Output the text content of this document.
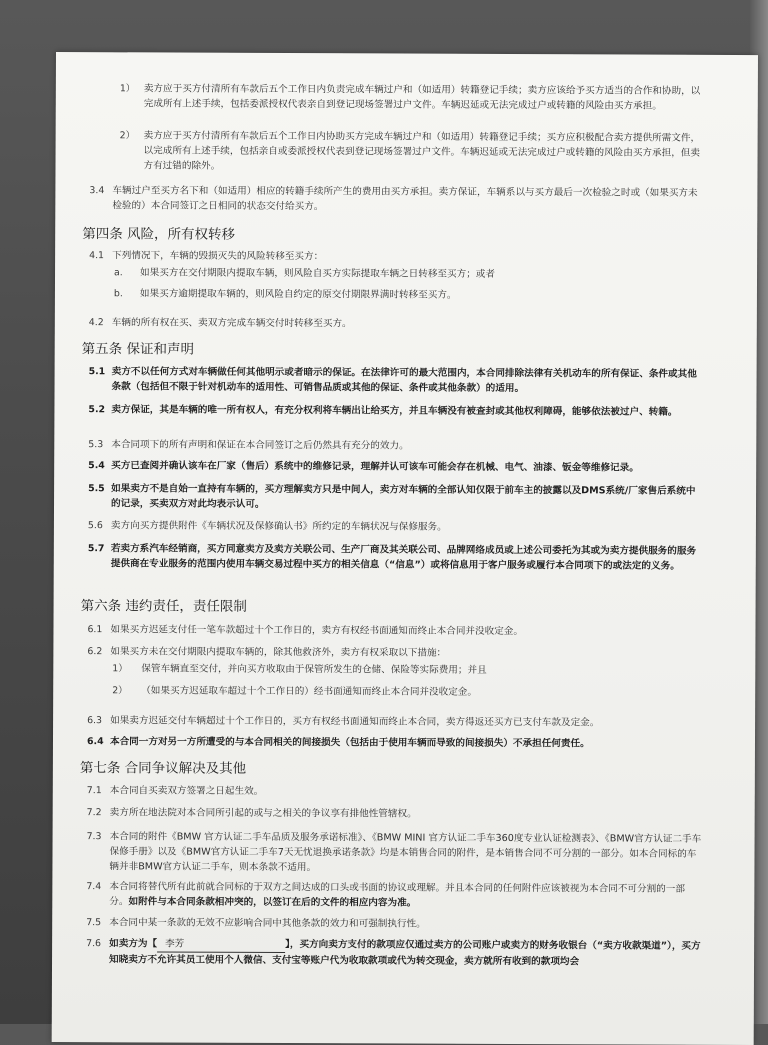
1） 卖方应于买方付清所有车款后五个工作日内负责完成车辆过户和（如适用）转籍登记手续；卖方应该给予买方适当的合作和协助，以完成所有上述手续，包括委派授权代表亲自到登记现场签署过户文件。车辆迟延或无法完成过户或转籍的风险由买方承担。
2） 卖方应于买方付清所有车款后五个工作日内协助买方完成车辆过户和（如适用）转籍登记手续；买方应积极配合卖方提供所需文件，以完成所有上述手续，包括亲自或委派授权代表到登记现场签署过户文件。车辆迟延或无法完成过户或转籍的风险由买方承担，但卖方有过错的除外。
3.4 车辆过户至买方名下和（如适用）相应的转籍手续所产生的费用由买方承担。卖方保证，车辆系以与买方最后一次检验之时或（如果买方未检验的）本合同签订之日相同的状态交付给买方。
第四条 风险，所有权转移
4.1 下列情况下，车辆的毁损灭失的风险转移至买方：
a. 如果买方在交付期限内提取车辆，则风险自买方实际提取车辆之日转移至买方；或者
b. 如果买方逾期提取车辆的，则风险自约定的原交付期限界满时转移至买方。
4.2 车辆的所有权在买、卖双方完成车辆交付时转移至买方。
第五条 保证和声明
5.1 卖方不以任何方式对车辆做任何其他明示或者暗示的保证。在法律许可的最大范围内，本合同排除法律有关机动车的所有保证、条件或其他条款（包括但不限于针对机动车的适用性、可销售品质或其他的保证、条件或其他条款）的适用。
5.2 卖方保证，其是车辆的唯一所有权人，有充分权利将车辆出让给买方，并且车辆没有被查封或其他权利障碍，能够依法被过户、转籍。
5.3 本合同项下的所有声明和保证在本合同签订之后仍然具有充分的效力。
5.4 买方已查阅并确认该车在厂家（售后）系统中的维修记录，理解并认可该车可能会存在机械、电气、油漆、钣金等维修记录。
5.5 如果卖方不是自始一直持有车辆的，买方理解卖方只是中间人，卖方对车辆的全部认知仅限于前车主的披露以及DMS系统/厂家售后系统中的记录，买卖双方对此均表示认可。
5.6 卖方向买方提供附件《车辆状况及保修确认书》所约定的车辆状况与保修服务。
5.7 若卖方系汽车经销商，买方同意卖方及卖方关联公司、生产厂商及其关联公司、品牌网络成员或上述公司委托为其或为卖方提供服务的服务提供商在专业服务的范围内使用车辆交易过程中买方的相关信息（“信息”）或将信息用于客户服务或履行本合同项下的或法定的义务。
第六条 违约责任，责任限制
6.1 如果买方迟延支付任一笔车款超过十个工作日的，卖方有权经书面通知而终止本合同并没收定金。
6.2 如果买方未在交付期限内提取车辆的，除其他救济外，卖方有权采取以下措施：
1） 保管车辆直至交付，并向买方收取由于保管所发生的仓储、保险等实际费用；并且
2） （如果买方迟延取车超过十个工作日的）经书面通知而终止本合同并没收定金。
6.3 如果卖方迟延交付车辆超过十个工作日的，买方有权经书面通知而终止本合同，卖方得返还买方已支付车款及定金。
6.4 本合同一方对另一方所遭受的与本合同相关的间接损失（包括由于使用车辆而导致的间接损失）不承担任何责任。
第七条 合同争议解决及其他
7.1 本合同自买卖双方签署之日起生效。
7.2 卖方所在地法院对本合同所引起的或与之相关的争议享有排他性管辖权。
7.3 本合同的附件《BMW 官方认证二手车品质及服务承诺标准》、《BMW MINI 官方认证二手车360度专业认证检测表》、《BMW官方认证二手车保修手册》以及《BMW官方认证二手车7天无忧退换承诺条款》均是本销售合同的附件，是本销售合同不可分割的一部分。如本合同标的车辆并非BMW官方认证二手车，则本条款不适用。
7.4 本合同将替代所有此前就合同标的于双方之间达成的口头或书面的协议或理解。并且本合同的任何附件应该被视为本合同不可分割的一部分。如附件与本合同条款相冲突的，以签订在后的文件的相应内容为准。
7.5 本合同中某一条款的无效不应影响合同中其他条款的效力和可强制执行性。
7.6 如卖方为【 李芳	】，买方向卖方支付的款项应仅通过卖方的公司账户或卖方的财务收银台（“卖方收款渠道”），买方知晓卖方不允许其员工使用个人微信、支付宝等账户代为收取款项或代为转交现金，卖方就所有收到的款项均会
